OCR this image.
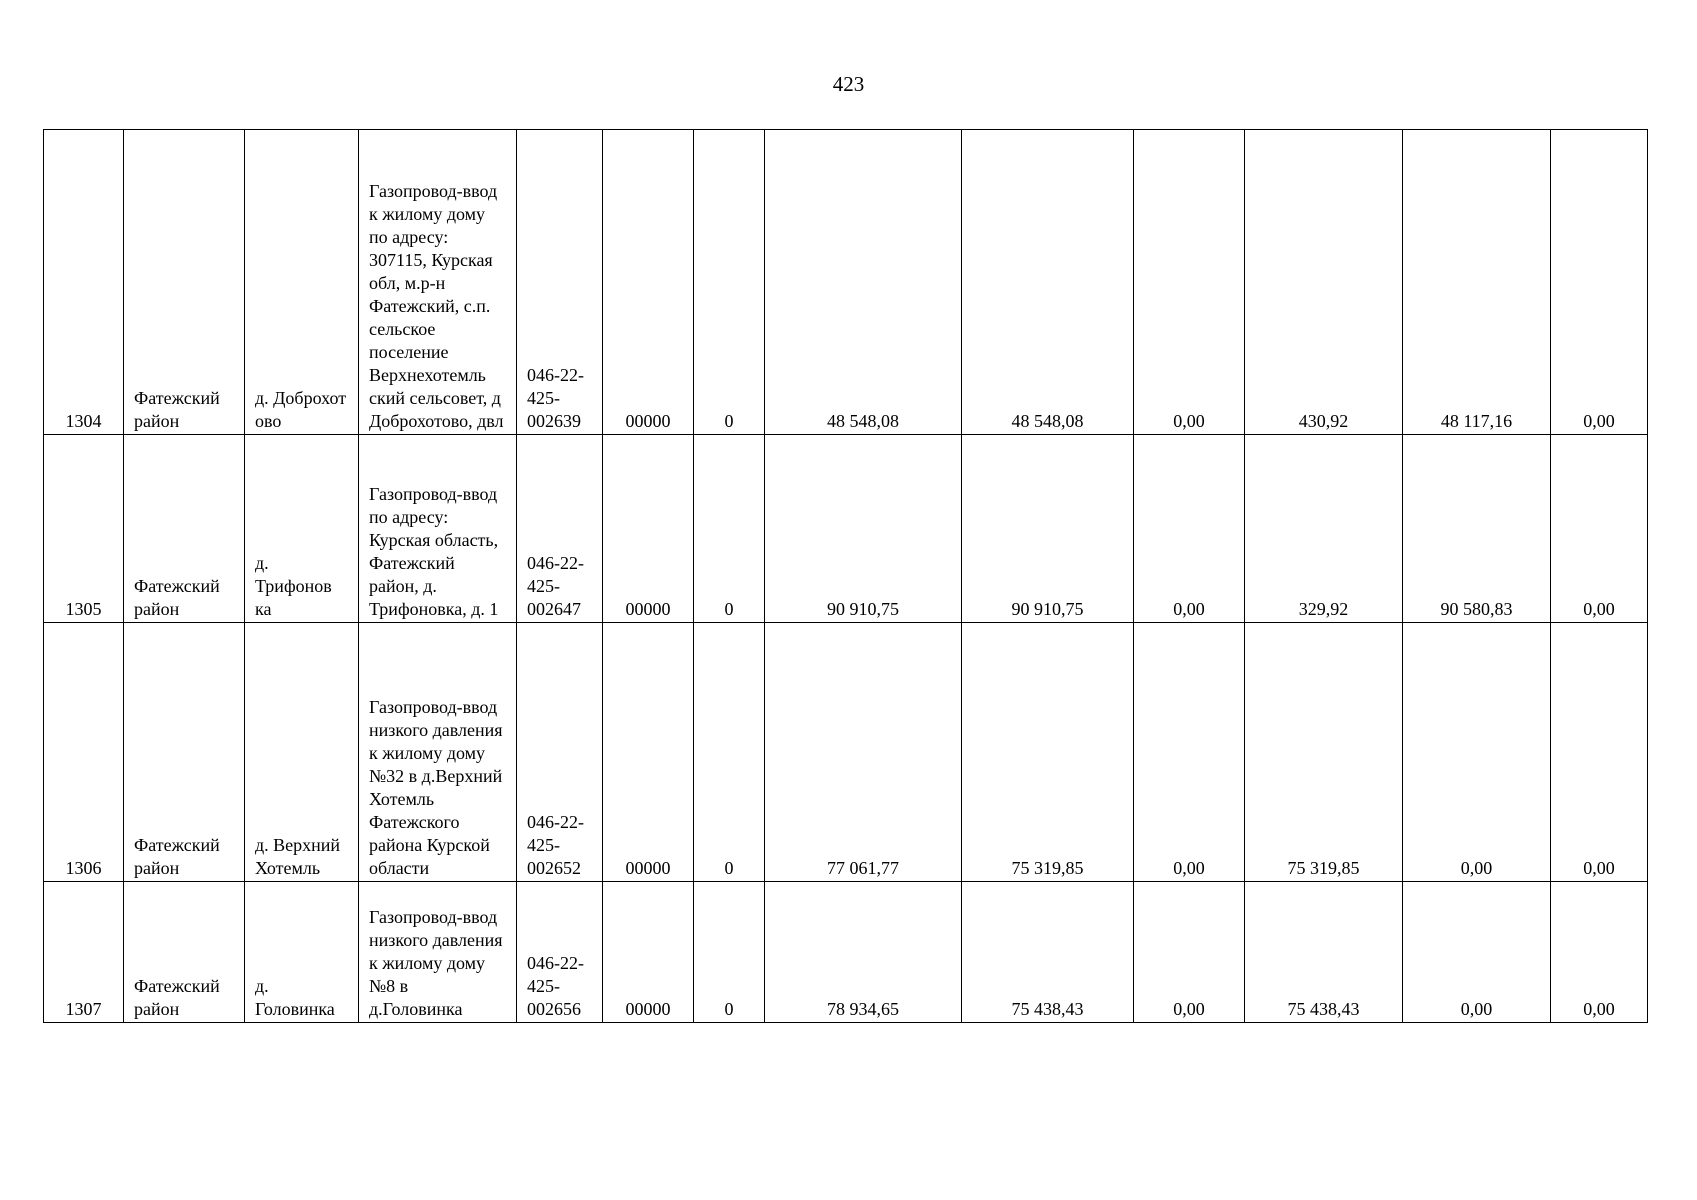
423
1304	Фатежский район	д. Доброхот ово	Газопровод-ввод к жилому дому по адресу: 307115, Курская обл, м.р-н Фатежский, с.п. сельское поселение Верхнехотемль ский сельсовет, д Доброхотово, двл	046-22-425-002639	00000	0	48 548,08	48 548,08	0,00	430,92	48 117,16	0,00
1305	Фатежский район	д. Трифонов ка	Газопровод-ввод по адресу: Курская область, Фатежский район, д. Трифоновка, д. 1	046-22-425-002647	00000	0	90 910,75	90 910,75	0,00	329,92	90 580,83	0,00
1306	Фатежский район	д. Верхний Хотемль	Газопровод-ввод низкого давления к жилому дому №32 в д.Верхний Хотемль Фатежского района Курской области	046-22-425-002652	00000	0	77 061,77	75 319,85	0,00	75 319,85	0,00	0,00
1307	Фатежский район	д. Головинка	Газопровод-ввод низкого давления к жилому дому №8 в д.Головинка	046-22-425-002656	00000	0	78 934,65	75 438,43	0,00	75 438,43	0,00	0,00
